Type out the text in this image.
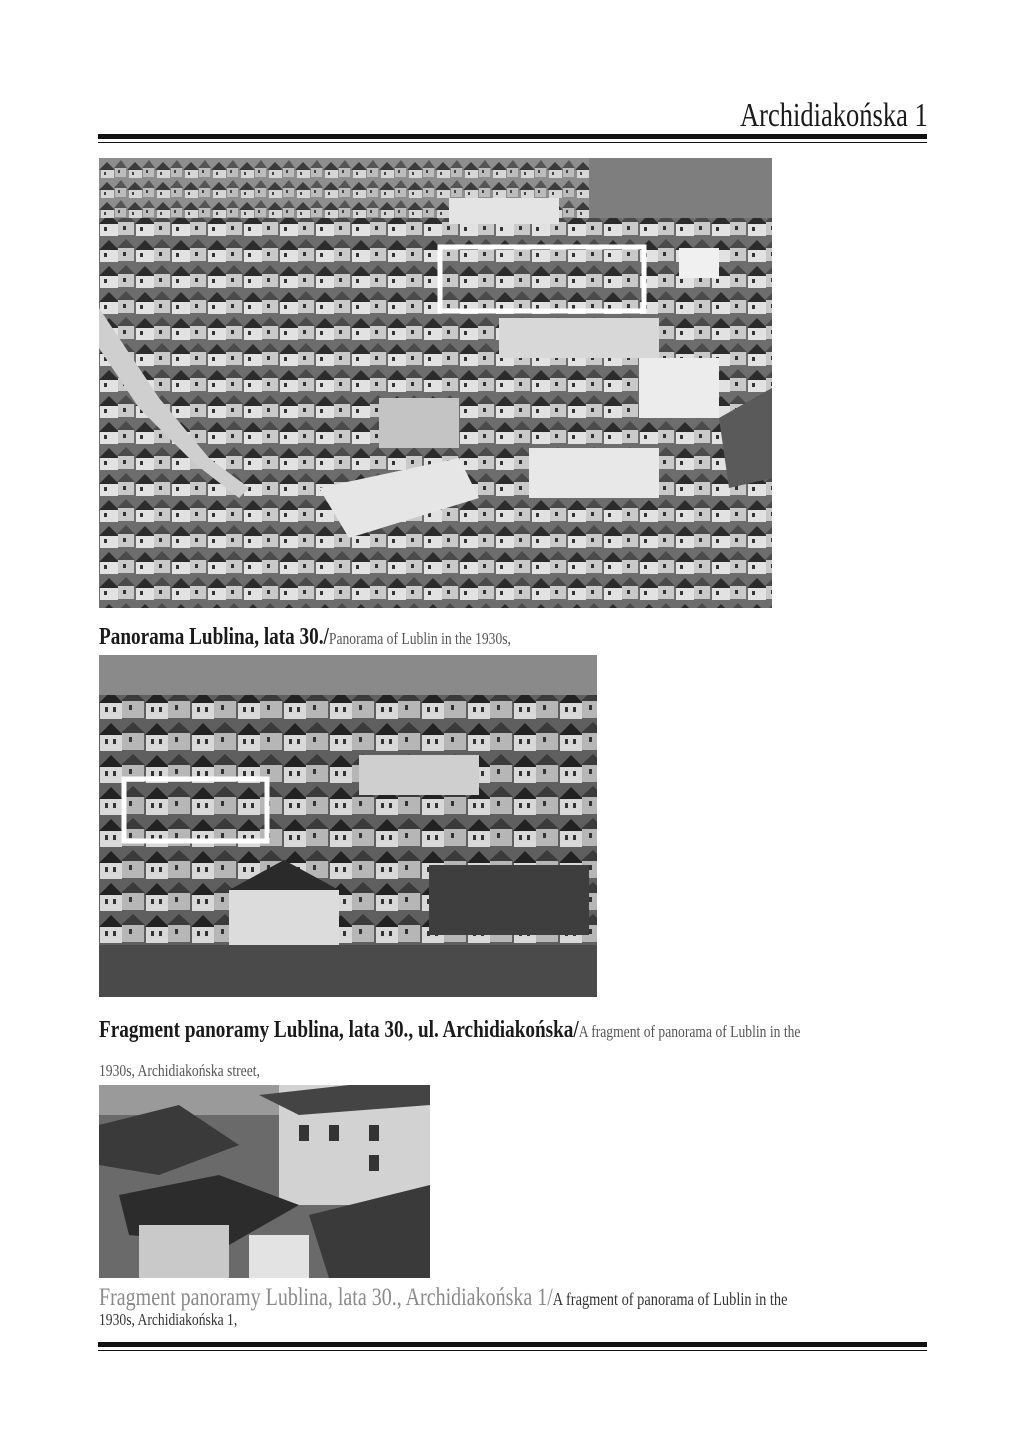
Archidiakońska 1
Panorama Lublina, lata 30./Panorama of Lublin in the 1930s,
Fragment panoramy Lublina, lata 30., ul. Archidiakońska/A fragment of panorama of Lublin in the
1930s, Archidiakońska street,
Fragment panoramy Lublina, lata 30., Archidiakońska 1/A fragment of panorama of Lublin in the
1930s, Archidiakońska 1,
